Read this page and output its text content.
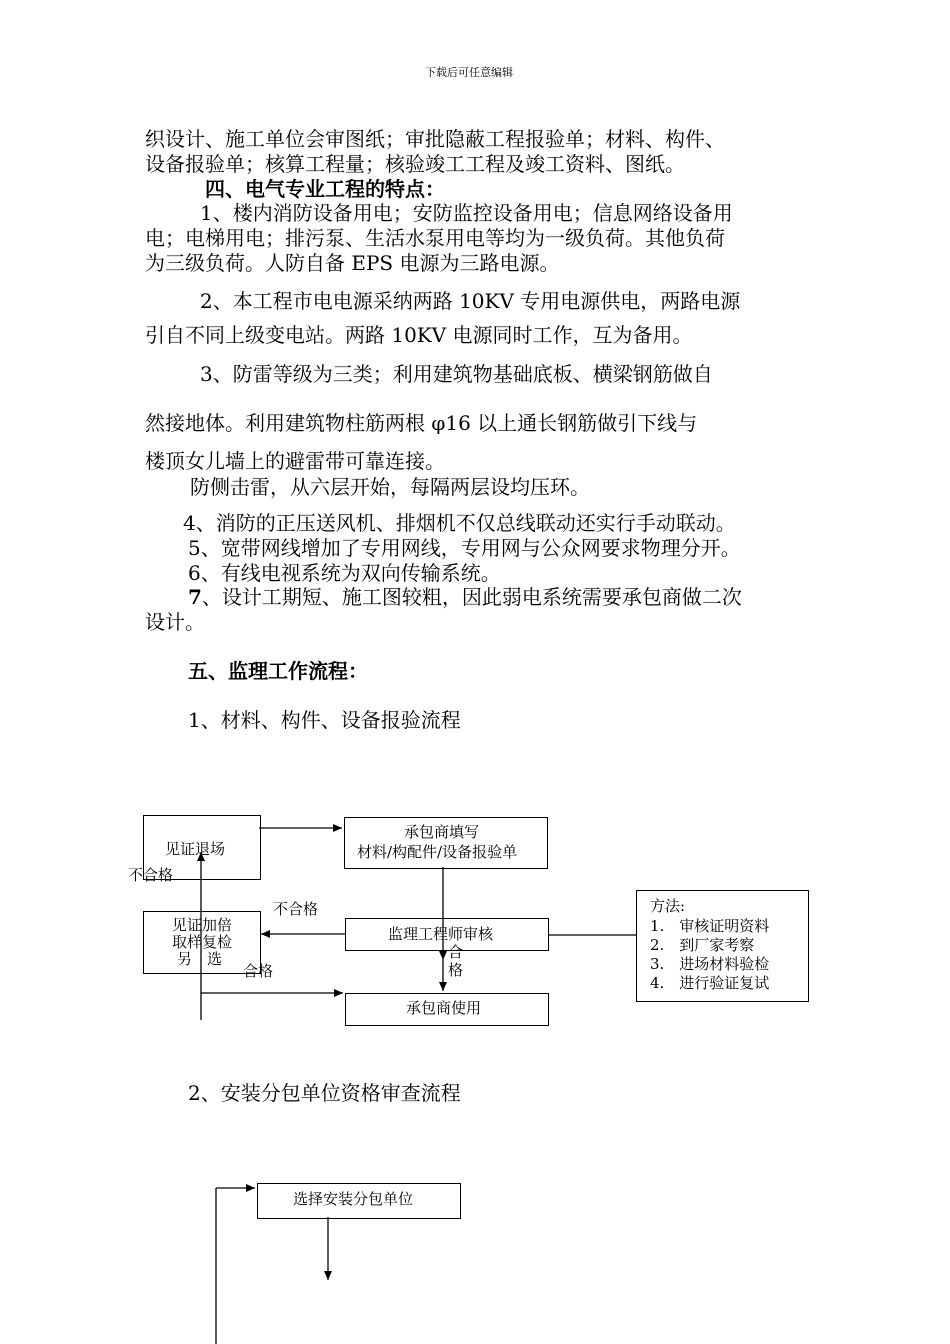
下载后可任意编辑
织设计、施工单位会审图纸；审批隐蔽工程报验单；材料、构件、
设备报验单；核算工程量；核验竣工工程及竣工资料、图纸。
四、电气专业工程的特点：
1、楼内消防设备用电；安防监控设备用电；信息网络设备用
电；电梯用电；排污泵、生活水泵用电等均为一级负荷。其他负荷
为三级负荷。人防自备 EPS 电源为三路电源。
2、本工程市电电源采纳两路 10KV 专用电源供电，两路电源
引自不同上级变电站。两路 10KV 电源同时工作，互为备用。
3、防雷等级为三类；利用建筑物基础底板、横梁钢筋做自
然接地体。利用建筑物柱筋两根 φ16 以上通长钢筋做引下线与
楼顶女儿墙上的避雷带可靠连接。
防侧击雷，从六层开始，每隔两层设均压环。
4、消防的正压送风机、排烟机不仅总线联动还实行手动联动。
5、宽带网线增加了专用网线，专用网与公众网要求物理分开。
6、有线电视系统为双向传输系统。
7、设计工期短、施工图较粗，因此弱电系统需要承包商做二次
设计。
五、监理工作流程：
1、材料、构件、设备报验流程
2、安装分包单位资格审查流程
见证退场
承包商填写
材料/构配件/设备报验单
见证加倍
取样复检
另　选
监理工程师审核
承包商使用
方法:
1.　审核证明资料
2.　到厂家考察
3.　进场材料验检
4.　进行验证复试
不合格
不合格
合格
合
格
选择安装分包单位
